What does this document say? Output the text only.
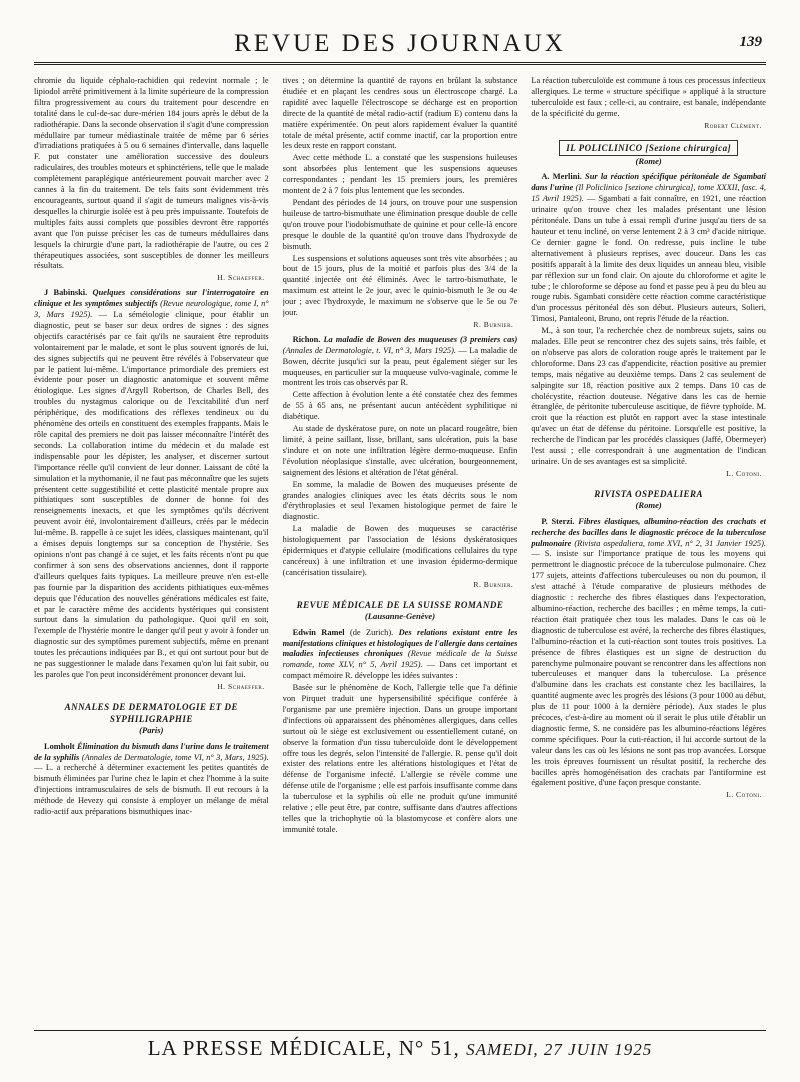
REVUE DES JOURNAUX	139

chromie du liquide céphalo-rachidien qui redevint normale ; le lipiodol arrêté primitivement à la limite supérieure de la compression filtra progressivement au cours du traitement pour descendre en totalité dans le cul-de-sac dure-mérien 184 jours après le début de la radiothérapie. Dans la seconde observation il s'agit d'une compression médullaire par tumeur médiastinale traitée de même par 6 séries d'irradiations pratiquées à 5 ou 6 semaines d'intervalle, dans laquelle F. put constater une amélioration successive des douleurs radiculaires, des troubles moteurs et sphinctériens, telle que le malade complètement paraplégique antérieurement pouvait marcher avec 2 cannes à la fin du traitement. De tels faits sont évidemment très encourageants, surtout quand il s'agit de tumeurs malignes vis-à-vis desquelles la chirurgie isolée est à peu près impuissante. Toutefois de multiples faits aussi complets que possibles devront être rapportés avant que l'on puisse préciser les cas de tumeurs médullaires dans lesquels la chirurgie d'une part, la radiothérapie de l'autre, ou ces 2 thérapeutiques associées, sont susceptibles de donner les meilleurs résultats.

H. Schaeffer.

J Babinski. Quelques considérations sur l'interrogatoire en clinique et les symptômes subjectifs (Revue neurologique, tome I, n° 3, Mars 1925). — La séméiologie clinique, pour établir un diagnostic, peut se baser sur deux ordres de signes : des signes objectifs caractérisés par ce fait qu'ils ne sauraient être reproduits volontairement par le malade, et sont le plus souvent ignorés de lui, des signes subjectifs qui ne peuvent être révélés à l'observateur que par le patient lui-même. L'importance primordiale des premiers est évidente pour poser un diagnostic anatomique et souvent même étiologique. Les signes d'Argyll Robertson, de Charles Bell, des troubles du nystagmus calorique ou de l'excitabilité d'un nerf périphérique, des modifications des réflexes tendineux ou du phénomène des orteils en constituent des exemples frappants. Mais le rôle capital des premiers ne doit pas laisser méconnaître l'intérêt des seconds. La collaboration intime du médecin et du malade est indispensable pour les dépister, les analyser, et discerner surtout l'importance réelle qu'il convient de leur donner. Laissant de côté la simulation et la mythomanie, il ne faut pas méconnaître que les sujets présentent cette suggestibilité et cette plasticité mentale propre aux pithiatiques sont susceptibles de donner de bonne foi des renseignements inexacts, et que les symptômes qu'ils décrivent peuvent avoir été, involontairement d'ailleurs, créés par le médecin lui-même. B. rappelle à ce sujet les idées, classiques maintenant, qu'il a émises depuis longtemps sur sa conception de l'hystérie. Ses opinions n'ont pas changé à ce sujet, et les faits récents n'ont pu que confirmer à son sens des observations anciennes, dont il rapporte d'ailleurs quelques faits typiques. La meilleure preuve n'en est-elle pas fournie par la disparition des accidents pithiatiques eux-mêmes depuis que l'éducation des nouvelles générations médicales est faite, et par le caractère même des accidents hystériques qui consistent surtout dans la simulation du pathologique. Quoi qu'il en soit, l'exemple de l'hystérie montre le danger qu'il peut y avoir à fonder un diagnostic sur des symptômes purement subjectifs, même en prenant toutes les précautions indiquées par B., et qui ont surtout pour but de ne pas suggestionner le malade dans l'examen qu'on lui fait subir, ou les paroles que l'on peut inconsidérément prononcer devant lui.

H. Schaeffer.
ANNALES DE DERMATOLOGIE ET DE SYPHILIGRAPHIE
(Paris)

Lomholt Élimination du bismuth dans l'urine dans le traitement de la syphilis (Annales de Dermatologie, tome VI, n° 3, Mars, 1925). — L. a recherché à déterminer exactement les petites quantités de bismuth éliminées par l'urine chez le lapin et chez l'homme à la suite d'injections intramusculaires de sels de bismuth. Il eut recours à la méthode de Hevezy qui consiste à employer un mélange de métal radio-actif aux préparations bismuthiques inac-

tives ; on détermine la quantité de rayons en brûlant la substance étudiée et en plaçant les cendres sous un électroscope chargé. La rapidité avec laquelle l'électroscope se décharge est en proportion directe de la quantité de métal radio-actif (radium E) contenu dans la matière expérimentée. On peut alors rapidement évaluer la quantité totale de métal présente, actif comme inactif, car la proportion entre les deux reste en rapport constant.

Avec cette méthode L. a constaté que les suspensions huileuses sont absorbées plus lentement que les suspensions aqueuses correspondantes ; pendant les 15 premiers jours, les premières montent de 2 à 7 fois plus lentement que les secondes.

Pendant des périodes de 14 jours, on trouve pour une suspension huileuse de tartro-bismuthate une élimination presque double de celle qu'on trouve pour l'iodobismuthate de quinine et pour celle-là encore presque le double de la quantité qu'on trouve dans l'hydroxyde de bismuth.

Les suspensions et solutions aqueuses sont très vite absorbées ; au bout de 15 jours, plus de la moitié et parfois plus des 3/4 de la quantité injectée ont été éliminés. Avec le tartro-bismuthate, le maximum est atteint le 2e jour, avec le quinio-bismuth le 3e ou 4e jour ; avec l'hydroxyde, le maximum ne s'observe que le 5e ou 7e jour.

R. Burnier.

Richon. La maladie de Bowen des muqueuses (3 premiers cas) (Annales de Dermatologie, t. VI, n° 3, Mars 1925). — La maladie de Bowen, décrite jusqu'ici sur la peau, peut également siéger sur les muqueuses, en particulier sur la muqueuse vulvo-vaginale, comme le montrent les trois cas observés par R.

Cette affection à évolution lente a été constatée chez des femmes de 55 à 65 ans, ne présentant aucun antécédent syphilitique ni diabétique.

Au stade de dyskératose pure, on note un placard rougeâtre, bien limité, à peine saillant, lisse, brillant, sans ulcération, puis la base s'indure et on note une infiltration légère dermo-muqueuse. Enfin l'évolution néoplasique s'installe, avec ulcération, bourgeonnement, saignement des lésions et altération de l'état général.

En somme, la maladie de Bowen des muqueuses présente de grandes analogies cliniques avec les états décrits sous le nom d'érythroplasies et seul l'examen histologique permet de faire le diagnostic.

La maladie de Bowen des muqueuses se caractérise histologiquement par l'association de lésions dyskératosiques épidermiques et d'atypie cellulaire (modifications cellulaires du type cancéreux) à une infiltration et une invasion épidermo-dermique (cancérisation tissulaire).

R. Burnier.
REVUE MÉDICALE DE LA SUISSE ROMANDE
(Lausanne-Genève)

Edwin Ramel (de Zurich). Des relations existant entre les manifestations cliniques et histologiques de l'allergie dans certaines maladies infectieuses chroniques (Revue médicale de la Suisse romande, tome XLV, n° 5, Avril 1925). — Dans cet important et compact mémoire R. développe les idées suivantes :

Basée sur le phénomène de Koch, l'allergie telle que l'a définie von Pirquet traduit une hypersensibilité spécifique conférée à l'organisme par une première injection. Dans un groupe important d'infections où apparaissent des phénomènes allergiques, dans celles surtout où le siège est exclusivement ou essentiellement cutané, on observe la formation d'un tissu tuberculoïde dont le développement offre tous les degrés, selon l'intensité de l'allergie. R. pense qu'il doit exister des relations entre les altérations histologiques et l'état de défense de l'organisme infecté. L'allergie se révèle comme une défense utile de l'organisme ; elle est parfois insuffisante comme dans la tuberculose et la syphilis où elle ne produit qu'une immunité relative ; elle peut être, par contre, suffisante dans d'autres affections telles que la trichophytie où la blastomycose et confère alors une immunité totale.

La réaction tuberculoïde est commune à tous ces processus infectieux allergiques. Le terme « structure spécifique » appliqué à la structure tuberculoïde est faux ; celle-ci, au contraire, est banale, indépendante de la spécificité du germe.

Robert Clément.
IL POLICLINICO [Sezione chirurgica]
(Rome)

A. Merlini. Sur la réaction spécifique péritonéale de Sgambati dans l'urine (Il Policlinico [sezione chirurgica], tome XXXII, fasc. 4, 15 Avril 1925). — Sgambati a fait connaître, en 1921, une réaction urinaire qu'on trouve chez les malades présentant une lésion péritonéale. Dans un tube à essai rempli d'urine jusqu'au tiers de sa hauteur et tenu incliné, on verse lentement 2 à 3 cm³ d'acide nitrique. Ce dernier gagne le fond. On redresse, puis incline le tube alternativement à plusieurs reprises, avec douceur. Dans les cas positifs apparaît à la limite des deux liquides un anneau bleu, visible par réflexion sur un fond clair. On ajoute du chloroforme et agite le tube ; le chloroforme se dépose au fond et passe peu à peu du bleu au rouge rubis. Sgambati considère cette réaction comme caractéristique d'un processus péritonéal dès son début. Plusieurs auteurs, Solieri, Timosi, Pantaleoni, Bruno, ont repris l'étude de la réaction.

M., à son tour, l'a recherchée chez de nombreux sujets, sains ou malades. Elle peut se rencontrer chez des sujets sains, très faible, et on n'observe pas alors de coloration rouge après le traitement par le chloroforme. Dans 23 cas d'appendicite, réaction positive au premier temps, mais négative au deuxième temps. Dans 2 cas seulement de salpingite sur 18, réaction positive aux 2 temps. Dans 10 cas de cholécystite, réaction douteuse. Négative dans les cas de hernie étranglée, de péritonite tuberculeuse ascitique, de fièvre typhoïde. M. croit que la réaction est plutôt en rapport avec la stase intestinale qu'avec un état de défense du péritoine. Lorsqu'elle est positive, la recherche de l'indican par les procédés classiques (Jaffé, Obermeyer) l'est aussi ; elle correspondrait à une augmentation de l'indican urinaire. Un de ses avantages est sa simplicité.

L. Cotoni.
RIVISTA OSPEDALIERA
(Rome)

P. Sterzi. Fibres élastiques, albumino-réaction des crachats et recherche des bacilles dans le diagnostic précoce de la tuberculose pulmonaire (Rivista ospedaliera, tome XVI, n° 2, 31 Janvier 1925). — S. insiste sur l'importance pratique de tous les moyens qui permettront le diagnostic précoce de la tuberculose pulmonaire. Chez 177 sujets, atteints d'affections tuberculeuses ou non du poumon, il s'est attaché à l'étude comparative de plusieurs méthodes de diagnostic : recherche des fibres élastiques dans l'expectoration, albumino-réaction, recherche des bacilles ; en même temps, la cuti-réaction était pratiquée chez tous les malades. Dans le cas où le diagnostic de tuberculose est avéré, la recherche des fibres élastiques, l'albumino-réaction et la cuti-réaction sont toutes trois positives. La présence de fibres élastiques est un signe de destruction du parenchyme pulmonaire pouvant se rencontrer dans les affections non tuberculeuses et manquer dans la tuberculose. La présence d'albumine dans les crachats est constante chez les bacillaires, la quantité augmente avec les progrès des lésions (3 pour 1000 au début, plus de 11 pour 1000 à la dernière période). Aux stades le plus précoces, c'est-à-dire au moment où il serait le plus utile d'établir un diagnostic ferme, S. ne considère pas les albumino-réactions légères comme spécifiques. Pour la cuti-réaction, il lui accorde surtout de la valeur dans les cas où les lésions ne sont pas trop avancées. Lorsque les trois épreuves fournissent un résultat positif, la recherche des bacilles après homogénéisation des crachats par l'antiformine est également positive, d'une façon presque constante.

L. Cotoni.
LA PRESSE MÉDICALE, N° 51, SAMEDI, 27 JUIN 1925
